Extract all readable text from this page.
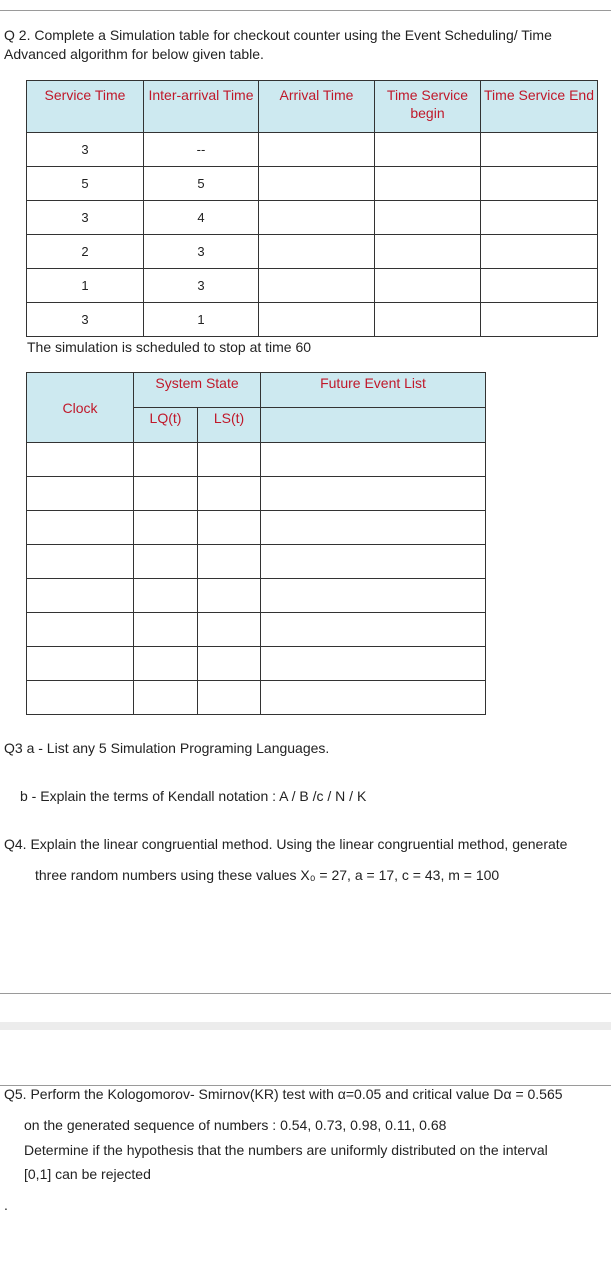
Q 2. Complete a Simulation table for checkout counter using the Event Scheduling/ Time
Advanced algorithm for below given table.
Service Time	Inter-arrival Time	Arrival Time	Time Service begin	Time Service End
3	--			
5	5			
3	4			
2	3			
1	3			
3	1			
The simulation is scheduled to stop at time 60
Clock	System State		Future Event List
	LQ(t)	LS(t)	

Q3 a - List any 5 Simulation Programing Languages.
b - Explain the terms of Kendall notation : A / B /c / N / K
Q4. Explain the linear congruential method. Using the linear congruential method, generate
three random numbers using these values X₀ = 27, a = 17, c = 43, m = 100
Q5. Perform the Kologomorov- Smirnov(KR) test with α=0.05 and critical value Dα = 0.565
on the generated sequence of numbers : 0.54, 0.73, 0.98, 0.11, 0.68
Determine if the hypothesis that the numbers are uniformly distributed on the interval
[0,1] can be rejected
.
